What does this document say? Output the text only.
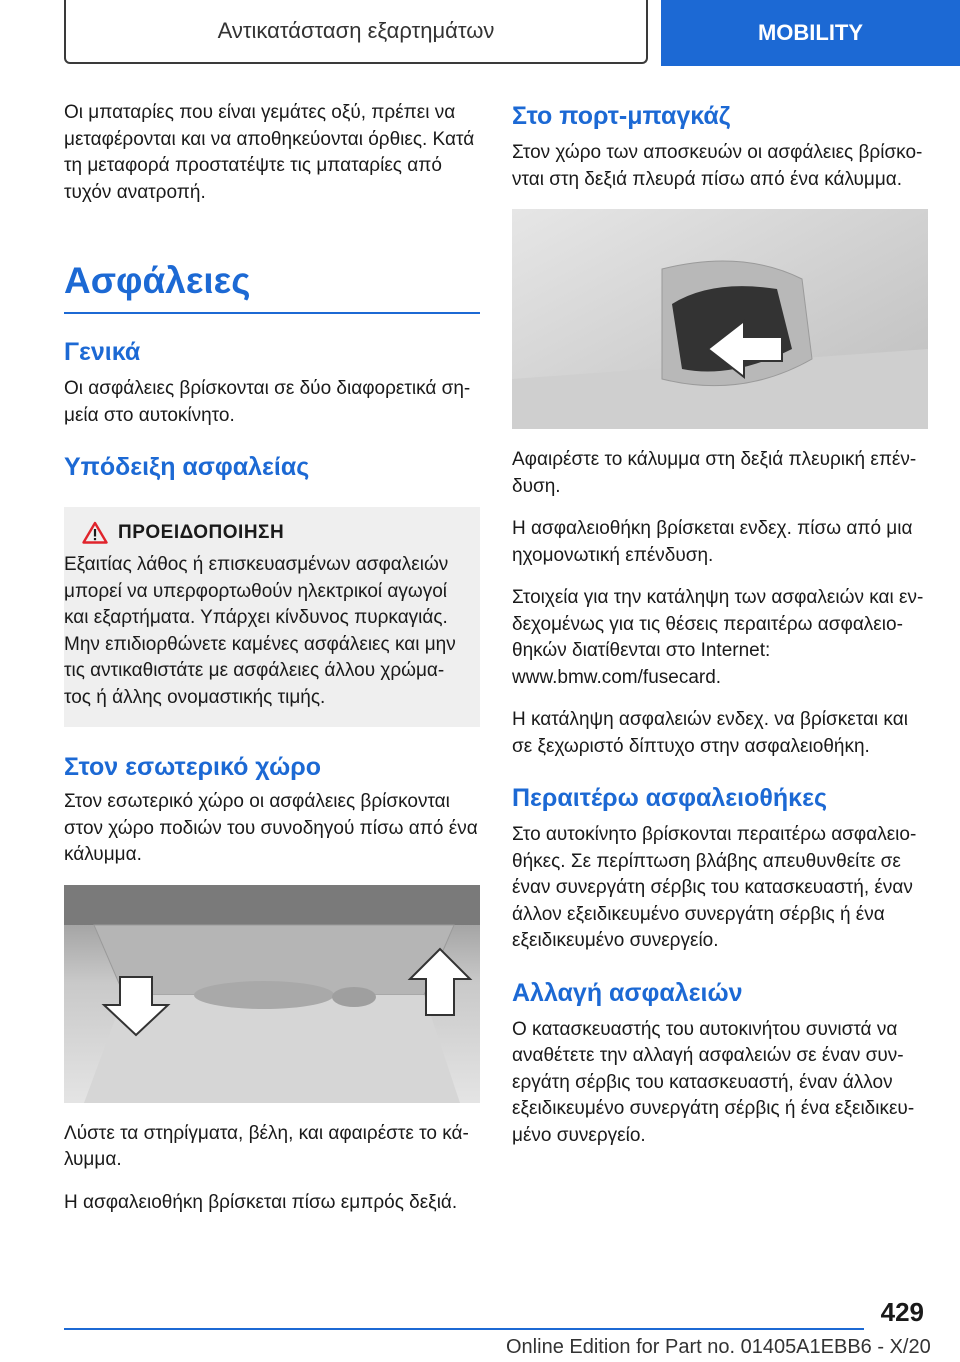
Αντικατάσταση εξαρτημάτων	MOBILITY

Οι μπαταρίες που είναι γεμάτες οξύ, πρέπει να μεταφέρονται και να αποθηκεύονται όρθιες. Κατά τη μεταφορά προστατέψτε τις μπαταρίες από τυχόν ανατροπή.

Ασφάλειες
Γενικά

Οι ασφάλειες βρίσκονται σε δύο διαφορετικά ση-μεία στο αυτοκίνητο.

Υπόδειξη ασφαλείας
ΠΡΟΕΙΔΟΠΟΙΗΣΗ

Εξαιτίας λάθος ή επισκευασμένων ασφαλειών μπορεί να υπερφορτωθούν ηλεκτρικοί αγωγοί και εξαρτήματα. Υπάρχει κίνδυνος πυρκαγιάς. Μην επιδιορθώνετε καμένες ασφάλειες και μην τις αντικαθιστάτε με ασφάλειες άλλου χρώμα-τος ή άλλης ονομαστικής τιμής.

Στον εσωτερικό χώρο

Στον εσωτερικό χώρο οι ασφάλειες βρίσκονται στον χώρο ποδιών του συνοδηγού πίσω από ένα κάλυμμα.

Λύστε τα στηρίγματα, βέλη, και αφαιρέστε το κά-λυμμα.

Η ασφαλειοθήκη βρίσκεται πίσω εμπρός δεξιά.

Στο πορτ-μπαγκάζ

Στον χώρο των αποσκευών οι ασφάλειες βρίσκο-νται στη δεξιά πλευρά πίσω από ένα κάλυμμα.

Αφαιρέστε το κάλυμμα στη δεξιά πλευρική επέν-δυση.

Η ασφαλειοθήκη βρίσκεται ενδεχ. πίσω από μια ηχομονωτική επένδυση.

Στοιχεία για την κατάληψη των ασφαλειών και εν-δεχομένως για τις θέσεις περαιτέρω ασφαλειο-θηκών διατίθενται στο Internet: www.bmw.com/fusecard.

Η κατάληψη ασφαλειών ενδεχ. να βρίσκεται και σε ξεχωριστό δίπτυχο στην ασφαλειοθήκη.

Περαιτέρω ασφαλειοθήκες

Στο αυτοκίνητο βρίσκονται περαιτέρω ασφαλειο-θήκες. Σε περίπτωση βλάβης απευθυνθείτε σε έναν συνεργάτη σέρβις του κατασκευαστή, έναν άλλον εξειδικευμένο συνεργάτη σέρβις ή ένα εξειδικευμένο συνεργείο.

Αλλαγή ασφαλειών

Ο κατασκευαστής του αυτοκινήτου συνιστά να αναθέτετε την αλλαγή ασφαλειών σε έναν συν-εργάτη σέρβις του κατασκευαστή, έναν άλλον εξειδικευμένο συνεργάτη σέρβις ή ένα εξειδικευ-μένο συνεργείο.

429
Online Edition for Part no. 01405A1EBB6 - X/20
